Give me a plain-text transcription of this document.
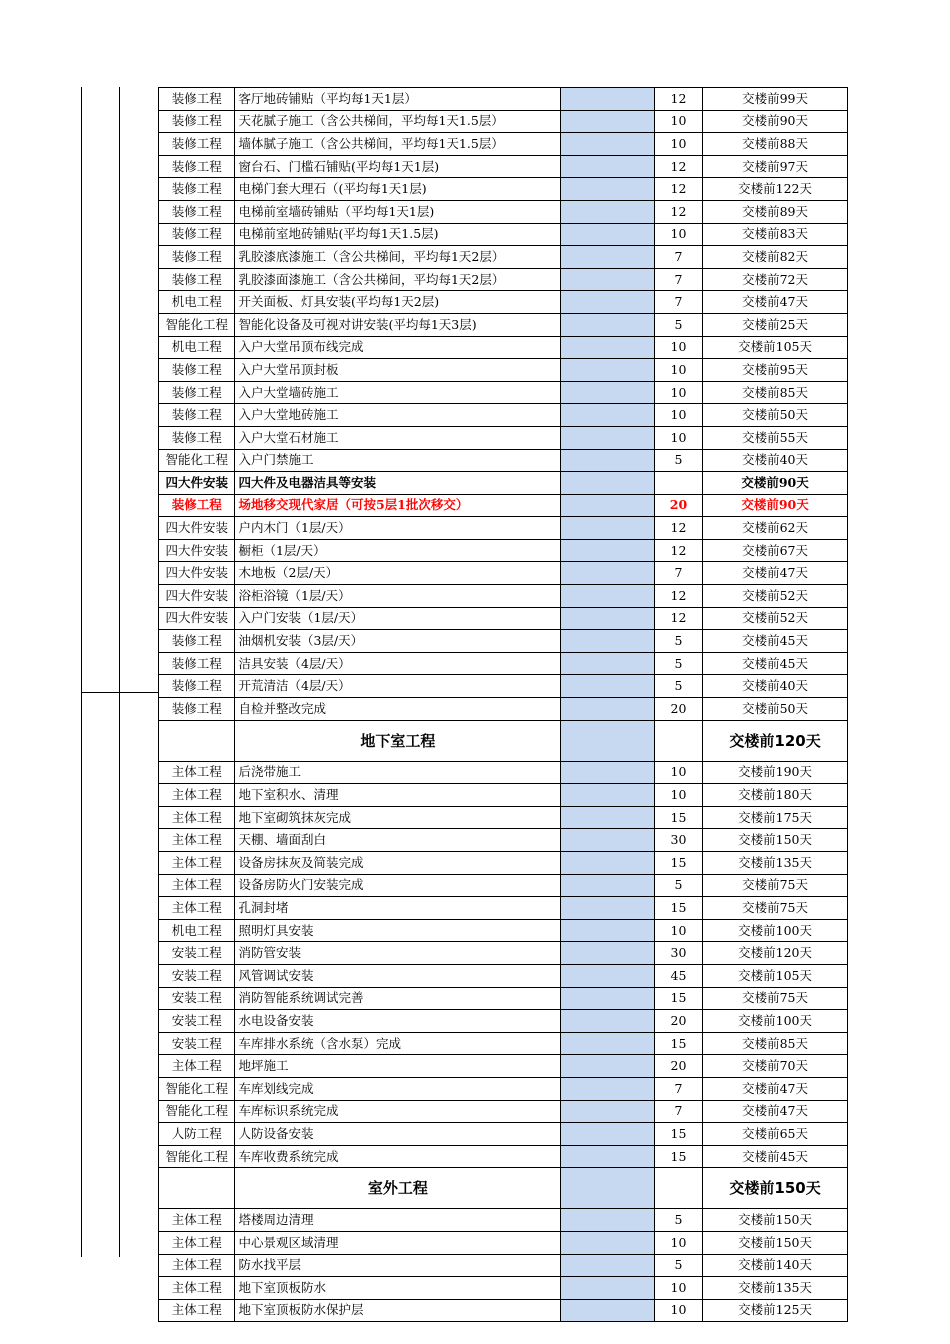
装修工程	客厅地砖铺贴（平均每1天1层）		12	交楼前99天
装修工程	天花腻子施工（含公共梯间，平均每1天1.5层）		10	交楼前90天
装修工程	墙体腻子施工（含公共梯间，平均每1天1.5层）		10	交楼前88天
装修工程	窗台石、门槛石铺贴(平均每1天1层)		12	交楼前97天
装修工程	电梯门套大理石（(平均每1天1层)		12	交楼前122天
装修工程	电梯前室墙砖铺贴（平均每1天1层)		12	交楼前89天
装修工程	电梯前室地砖铺贴(平均每1天1.5层)		10	交楼前83天
装修工程	乳胶漆底漆施工（含公共梯间，平均每1天2层）		7	交楼前82天
装修工程	乳胶漆面漆施工（含公共梯间，平均每1天2层）		7	交楼前72天
机电工程	开关面板、灯具安装(平均每1天2层)		7	交楼前47天
智能化工程	智能化设备及可视对讲安装(平均每1天3层)		5	交楼前25天
机电工程	入户大堂吊顶布线完成		10	交楼前105天
装修工程	入户大堂吊顶封板		10	交楼前95天
装修工程	入户大堂墙砖施工		10	交楼前85天
装修工程	入户大堂地砖施工		10	交楼前50天
装修工程	入户大堂石材施工		10	交楼前55天
智能化工程	入户门禁施工		5	交楼前40天
四大件安装	四大件及电器洁具等安装			交楼前90天
装修工程	场地移交现代家居（可按5层1批次移交）		20	交楼前90天
四大件安装	户内木门（1层/天）		12	交楼前62天
四大件安装	橱柜（1层/天）		12	交楼前67天
四大件安装	木地板（2层/天）		7	交楼前47天
四大件安装	浴柜浴镜（1层/天）		12	交楼前52天
四大件安装	入户门安装（1层/天）		12	交楼前52天
装修工程	油烟机安装（3层/天）		5	交楼前45天
装修工程	洁具安装（4层/天）		5	交楼前45天
装修工程	开荒清洁（4层/天）		5	交楼前40天
装修工程	自检并整改完成		20	交楼前50天
	地下室工程			交楼前120天
主体工程	后浇带施工		10	交楼前190天
主体工程	地下室积水、清理		10	交楼前180天
主体工程	地下室砌筑抹灰完成		15	交楼前175天
主体工程	天棚、墙面刮白		30	交楼前150天
主体工程	设备房抹灰及简装完成		15	交楼前135天
主体工程	设备房防火门安装完成		5	交楼前75天
主体工程	孔洞封堵		15	交楼前75天
机电工程	照明灯具安装		10	交楼前100天
安装工程	消防管安装		30	交楼前120天
安装工程	风管调试安装		45	交楼前105天
安装工程	消防智能系统调试完善		15	交楼前75天
安装工程	水电设备安装		20	交楼前100天
安装工程	车库排水系统（含水泵）完成		15	交楼前85天
主体工程	地坪施工		20	交楼前70天
智能化工程	车库划线完成		7	交楼前47天
智能化工程	车库标识系统完成		7	交楼前47天
人防工程	人防设备安装		15	交楼前65天
智能化工程	车库收费系统完成		15	交楼前45天
	室外工程			交楼前150天
主体工程	塔楼周边清理		5	交楼前150天
主体工程	中心景观区域清理		10	交楼前150天
主体工程	防水找平层		5	交楼前140天
主体工程	地下室顶板防水		10	交楼前135天
主体工程	地下室顶板防水保护层		10	交楼前125天
